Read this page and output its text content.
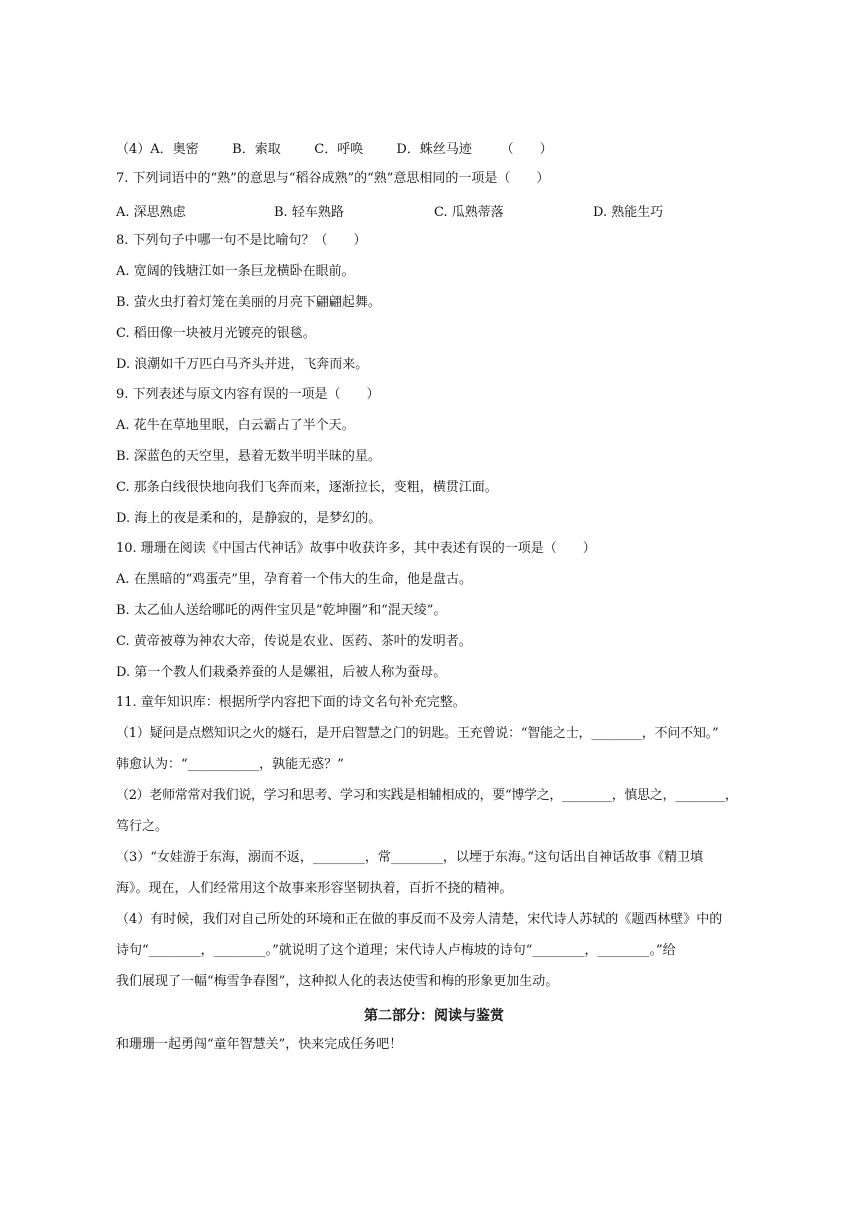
（4）A．奥密	B．索取	C．呼唤	D．蛛丝马迹 （　　）
7. 下列词语中的“熟”的意思与“稻谷成熟”的“熟”意思相同的一项是（　　）
A. 深思熟虑	B. 轻车熟路	C. 瓜熟蒂落	D. 熟能生巧
8. 下列句子中哪一句不是比喻句？（　　）
A. 宽阔的钱塘江如一条巨龙横卧在眼前。
B. 萤火虫打着灯笼在美丽的月亮下翩翩起舞。
C. 稻田像一块被月光镀亮的银毯。
D. 浪潮如千万匹白马齐头并进，飞奔而来。
9. 下列表述与原文内容有误的一项是（　　）
A. 花牛在草地里眠，白云霸占了半个天。
B. 深蓝色的天空里，悬着无数半明半昧的星。
C. 那条白线很快地向我们飞奔而来，逐渐拉长，变粗，横贯江面。
D. 海上的夜是柔和的，是静寂的，是梦幻的。
10. 珊珊在阅读《中国古代神话》故事中收获许多，其中表述有误的一项是（　　）
A. 在黑暗的“鸡蛋壳”里，孕育着一个伟大的生命，他是盘古。
B. 太乙仙人送给哪吒的两件宝贝是“乾坤圈”和“混天绫”。
C. 黄帝被尊为神农大帝，传说是农业、医药、茶叶的发明者。
D. 第一个教人们栽桑养蚕的人是嫘祖，后被人称为蚕母。
11. 童年知识库：根据所学内容把下面的诗文名句补充完整。
（1）疑问是点燃知识之火的燧石，是开启智慧之门的钥匙。王充曾说：“智能之士，________，不问不知。”
韩愈认为：“___________，孰能无惑？”
（2）老师常常对我们说，学习和思考、学习和实践是相辅相成的，要“博学之，________，慎思之，________，
笃行之。
（3）“女娃游于东海，溺而不返，________，常________，以堙于东海。”这句话出自神话故事《精卫填
海》。现在，人们经常用这个故事来形容坚韧执着，百折不挠的精神。
（4）有时候，我们对自己所处的环境和正在做的事反而不及旁人清楚，宋代诗人苏轼的《题西林壁》中的
诗句“________，________。”就说明了这个道理；宋代诗人卢梅坡的诗句“________，________。”给
我们展现了一幅“梅雪争春图”，这种拟人化的表达使雪和梅的形象更加生动。
第二部分：阅读与鉴赏
和珊珊一起勇闯“童年智慧关”，快来完成任务吧！
